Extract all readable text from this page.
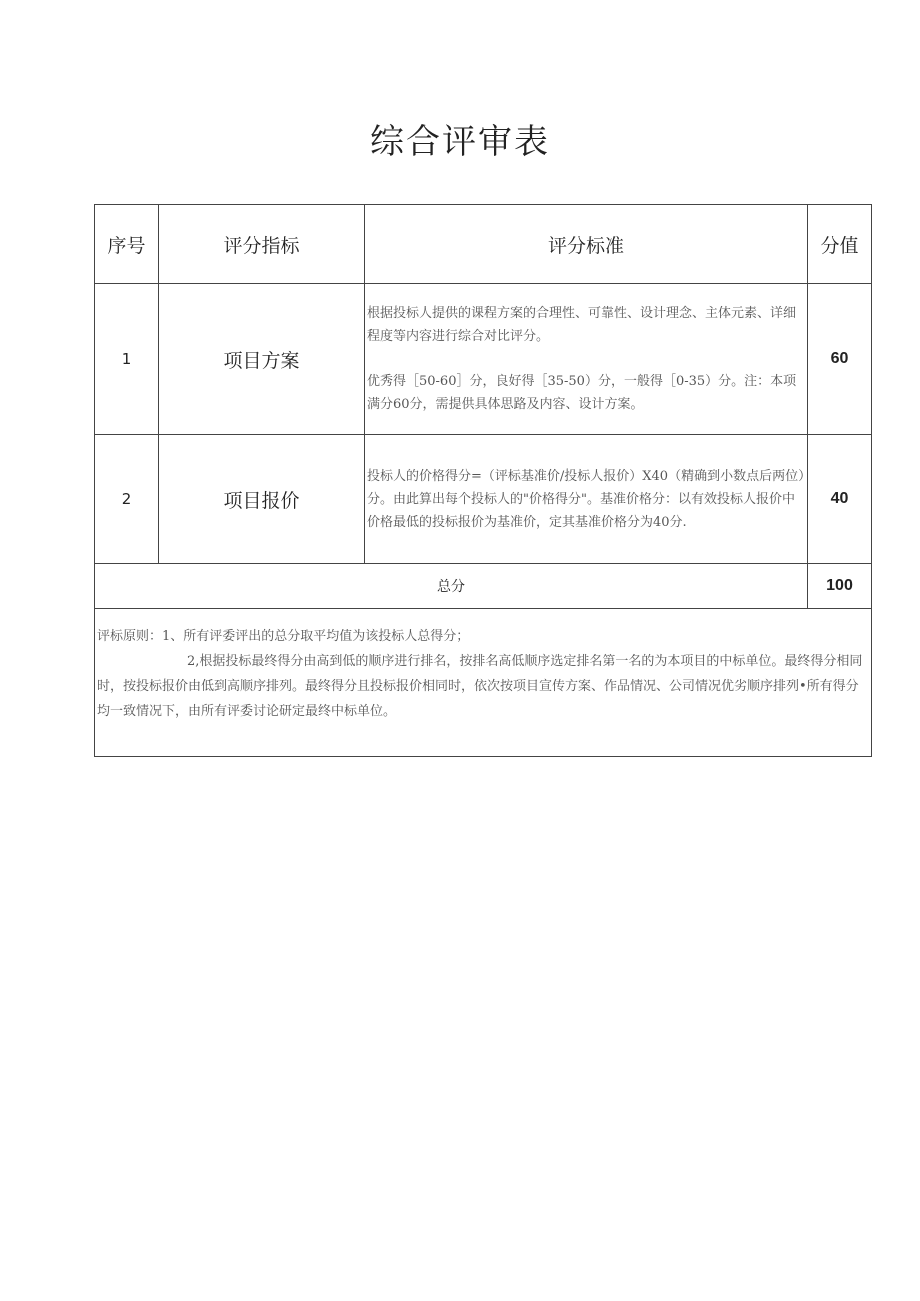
综合评审表
序号	评分指标	评分标准	分值
1	项目方案	根据投标人提供的课程方案的合理性、可靠性、设计理念、主体元素、详细程度等内容进行综合对比评分。

优秀得［50-60］分，良好得［35-50）分，一般得［0-35）分。注：本项满分60分，需提供具体思路及内容、设计方案。	60
2	项目报价	投标人的价格得分=（评标基准价/投标人报价）X40（精确到小数点后两位）分。由此算出每个投标人的"价格得分"。基准价格分：以有效投标人报价中价格最低的投标报价为基准价，定其基准价格分为40分.	40
总分			100

评标原则：1、所有评委评出的总分取平均值为该投标人总得分；

2,根据投标最终得分由高到低的顺序进行排名，按排名高低顺序选定排名第一名的为本项目的中标单位。最终得分相同时，按投标报价由低到高顺序排列。最终得分且投标报价相同时，依次按项目宣传方案、作品情况、公司情况优劣顺序排列•所有得分均一致情况下，由所有评委讨论研定最终中标单位。			
